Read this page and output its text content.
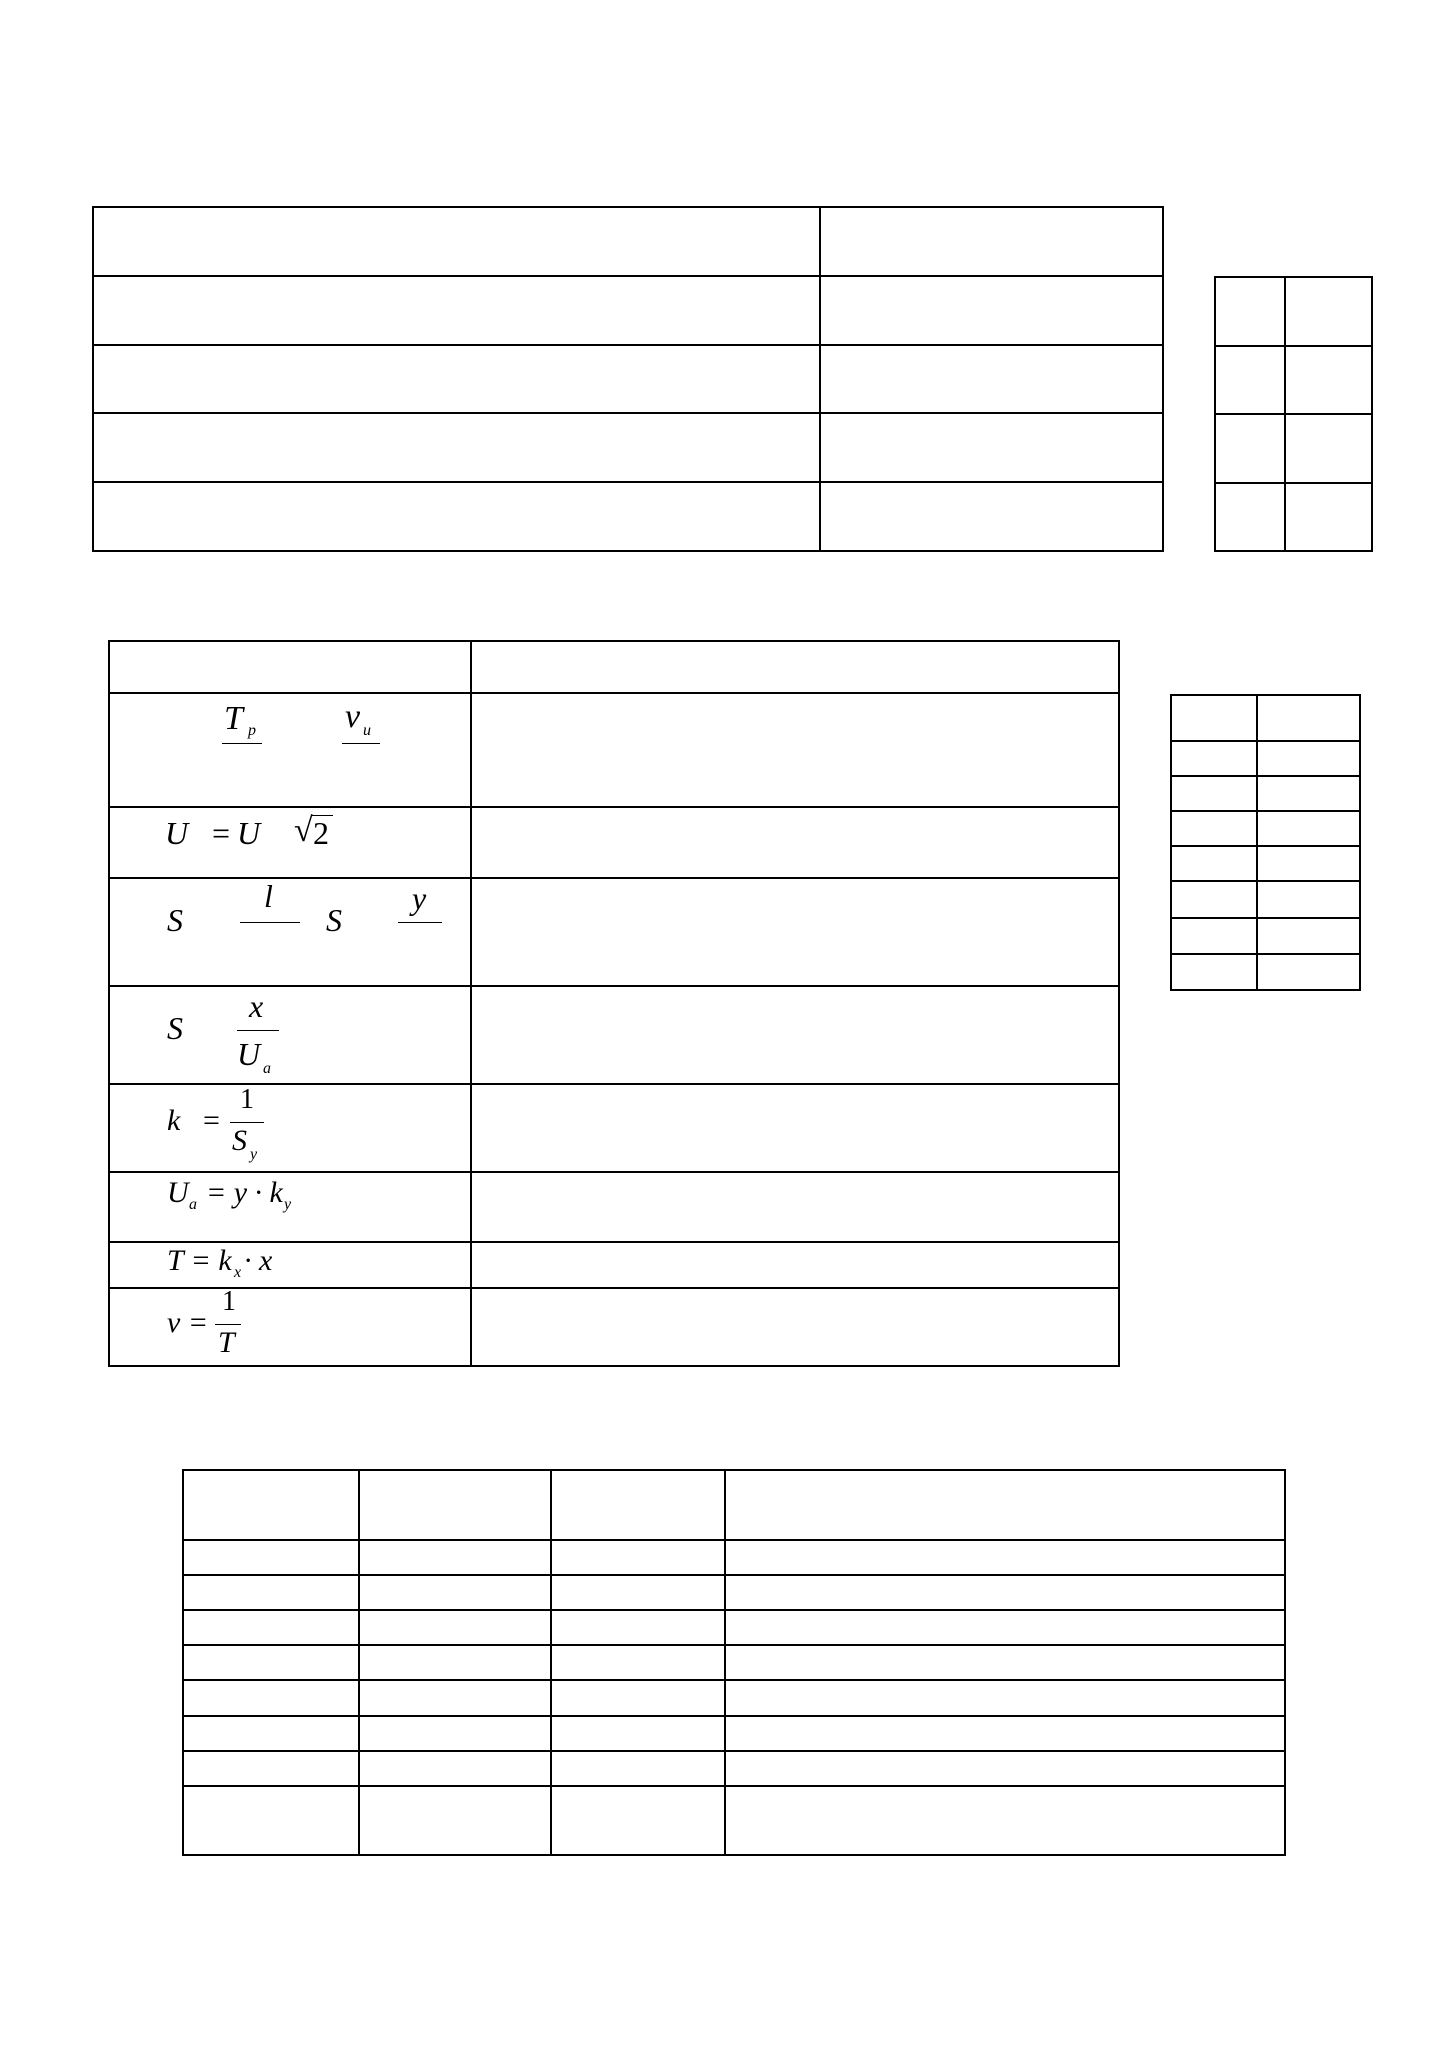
T p	ν u
U = U √ 2
S
l
S
y
S
x
U a
k =
1
S y
U a = y · k y
T = k x · x
ν =
1
T
